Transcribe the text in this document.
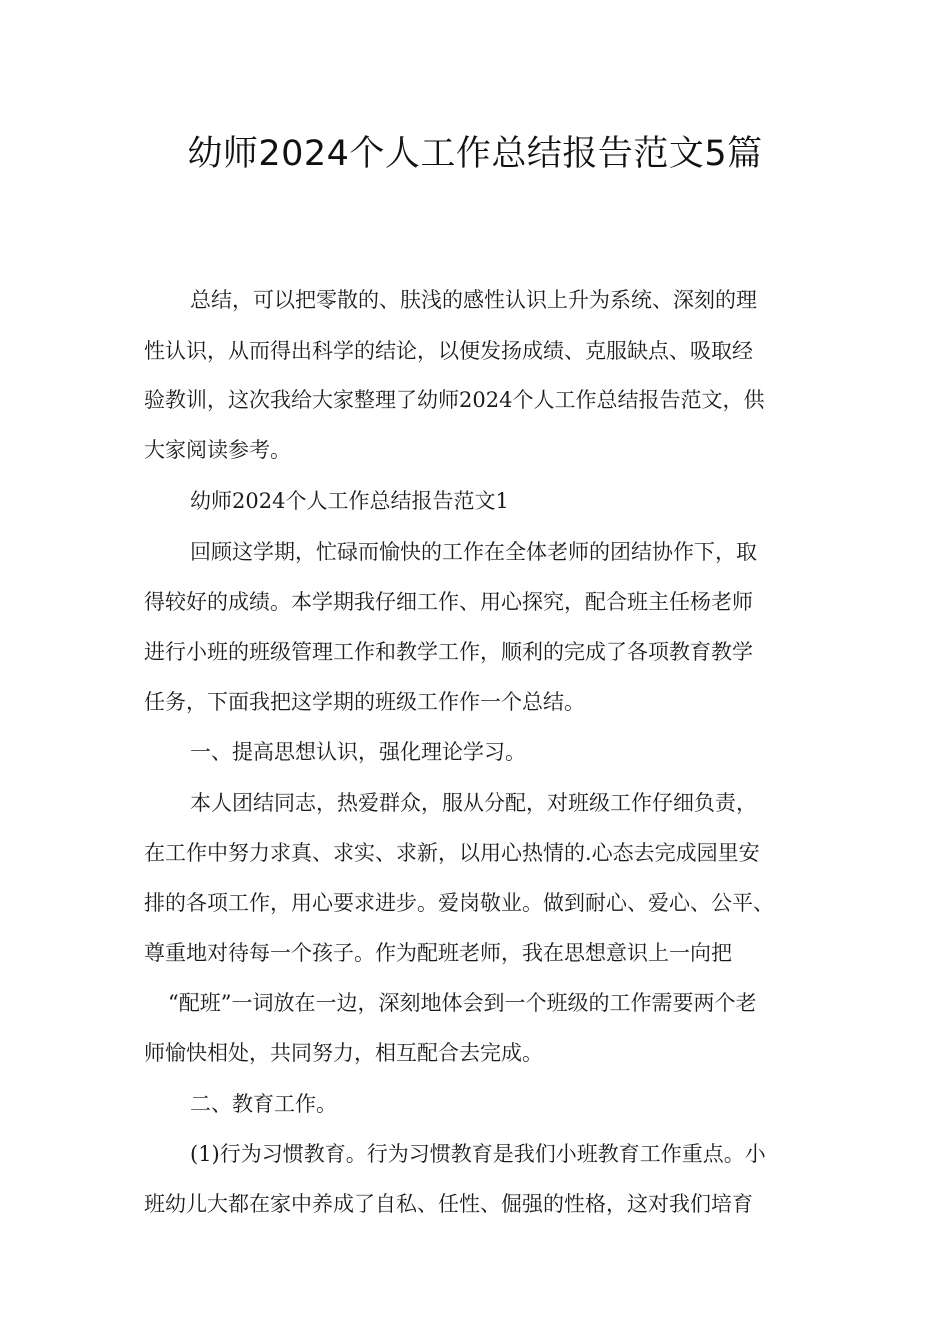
幼师2024个人工作总结报告范文5篇
总结，可以把零散的、肤浅的感性认识上升为系统、深刻的理
性认识，从而得出科学的结论，以便发扬成绩、克服缺点、吸取经
验教训，这次我给大家整理了幼师2024个人工作总结报告范文，供
大家阅读参考。
幼师2024个人工作总结报告范文1
回顾这学期，忙碌而愉快的工作在全体老师的团结协作下，取
得较好的成绩。本学期我仔细工作、用心探究，配合班主任杨老师
进行小班的班级管理工作和教学工作，顺利的完成了各项教育教学
任务，下面我把这学期的班级工作作一个总结。
一、提高思想认识，强化理论学习。
本人团结同志，热爱群众，服从分配，对班级工作仔细负责，
在工作中努力求真、求实、求新，以用心热情的.心态去完成园里安
排的各项工作，用心要求进步。爱岗敬业。做到耐心、爱心、公平、
尊重地对待每一个孩子。作为配班老师，我在思想意识上一向把
“配班”一词放在一边，深刻地体会到一个班级的工作需要两个老
师愉快相处，共同努力，相互配合去完成。
二、教育工作。
(1)行为习惯教育。行为习惯教育是我们小班教育工作重点。小
班幼儿大都在家中养成了自私、任性、倔强的性格，这对我们培育
